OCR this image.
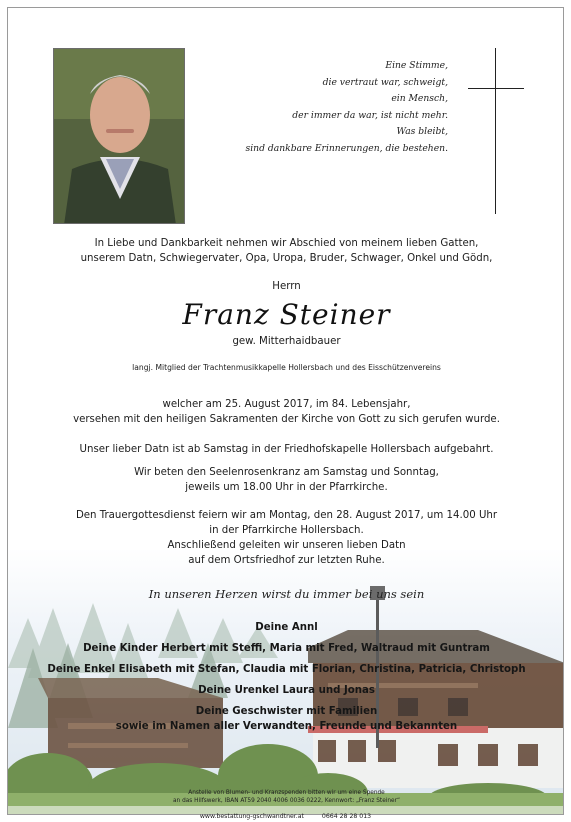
Eine Stimme,
die vertraut war, schweigt,
ein Mensch,
der immer da war, ist nicht mehr.
Was bleibt,
sind dankbare Erinnerungen, die bestehen.
In Liebe und Dankbarkeit nehmen wir Abschied von meinem lieben Gatten,
unserem Datn, Schwiegervater, Opa, Uropa, Bruder, Schwager, Onkel und Gödn,
Herrn
Franz Steiner
gew. Mitterhaidbauer
langj. Mitglied der Trachtenmusikkapelle Hollersbach und des Eisschützenvereins
welcher am 25. August 2017, im 84. Lebensjahr,
versehen mit den heiligen Sakramenten der Kirche von Gott zu sich gerufen wurde.
Unser lieber Datn ist ab Samstag in der Friedhofskapelle Hollersbach aufgebahrt.
Wir beten den Seelenrosenkranz am Samstag und Sonntag,
jeweils um 18.00 Uhr in der Pfarrkirche.
Den Trauergottesdienst feiern wir am Montag, den 28. August 2017, um 14.00 Uhr
in der Pfarrkirche Hollersbach.
Anschließend geleiten wir unseren lieben Datn
auf dem Ortsfriedhof zur letzten Ruhe.
In unseren Herzen wirst du immer bei uns sein
Deine Annl
Deine Kinder Herbert mit Steffi, Maria mit Fred, Waltraud mit Guntram
Deine Enkel Elisabeth mit Stefan, Claudia mit Florian, Christina, Patricia, Christoph
Deine Urenkel Laura und Jonas
Deine Geschwister mit Familien
sowie im Namen aller Verwandten, Freunde und Bekannten
Anstelle von Blumen- und Kranzspenden bitten wir um eine Spende
an das Hilfswerk, IBAN AT59 2040 4006 0036 0222, Kennwort: „Franz Steiner“
www.bestattung-gschwandtner.at	0664 28 28 013
